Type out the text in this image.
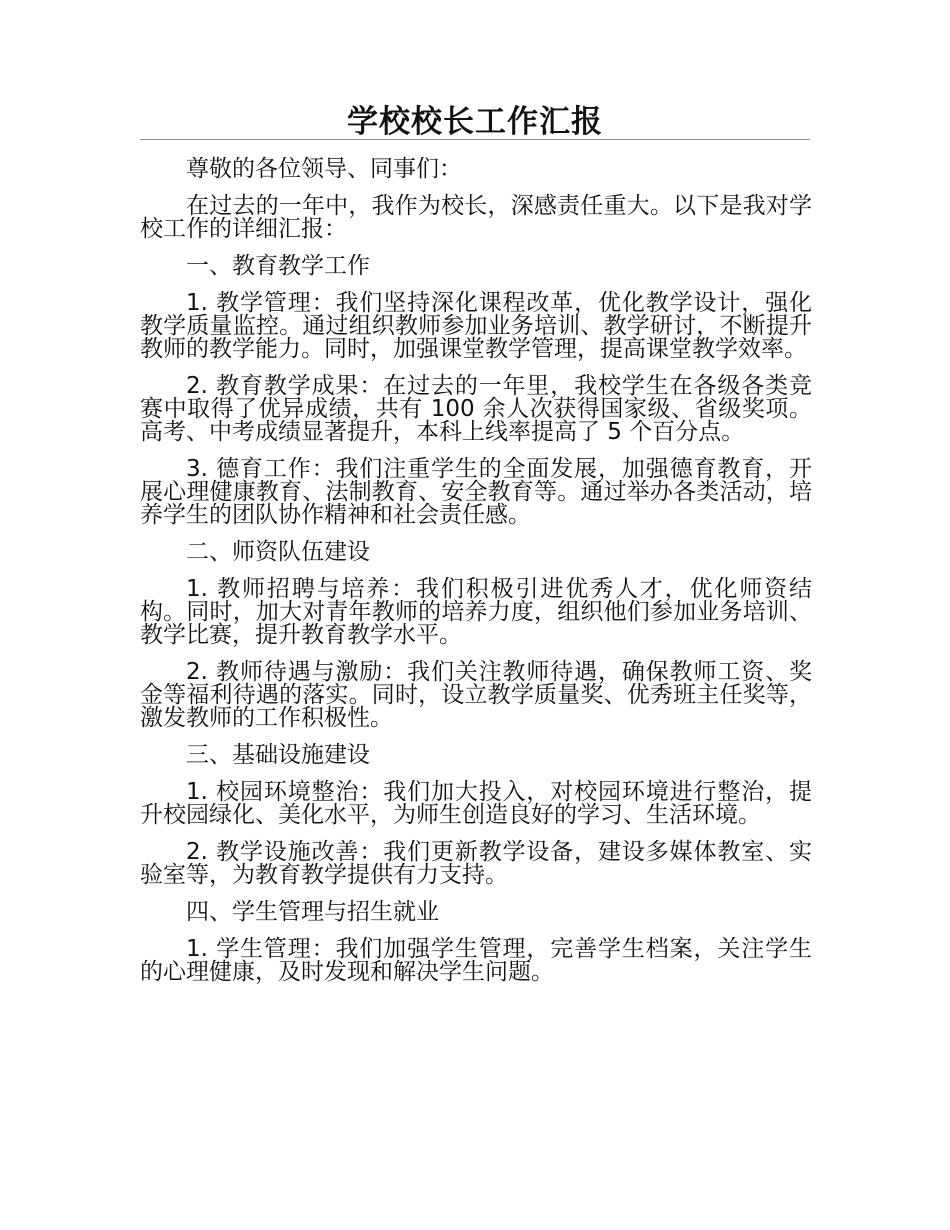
学校校长工作汇报

尊敬的各位领导、同事们：

在过去的一年中，我作为校长，深感责任重大。以下是我对学校工作的详细汇报：

一、教育教学工作

1. 教学管理：我们坚持深化课程改革，优化教学设计，强化教学质量监控。通过组织教师参加业务培训、教学研讨，不断提升教师的教学能力。同时，加强课堂教学管理，提高课堂教学效率。

2. 教育教学成果：在过去的一年里，我校学生在各级各类竞赛中取得了优异成绩，共有 100 余人次获得国家级、省级奖项。高考、中考成绩显著提升，本科上线率提高了 5 个百分点。

3. 德育工作：我们注重学生的全面发展，加强德育教育，开展心理健康教育、法制教育、安全教育等。通过举办各类活动，培养学生的团队协作精神和社会责任感。

二、师资队伍建设

1. 教师招聘与培养：我们积极引进优秀人才，优化师资结构。同时，加大对青年教师的培养力度，组织他们参加业务培训、教学比赛，提升教育教学水平。

2. 教师待遇与激励：我们关注教师待遇，确保教师工资、奖金等福利待遇的落实。同时，设立教学质量奖、优秀班主任奖等，激发教师的工作积极性。

三、基础设施建设

1. 校园环境整治：我们加大投入，对校园环境进行整治，提升校园绿化、美化水平，为师生创造良好的学习、生活环境。

2. 教学设施改善：我们更新教学设备，建设多媒体教室、实验室等，为教育教学提供有力支持。

四、学生管理与招生就业

1. 学生管理：我们加强学生管理，完善学生档案，关注学生的心理健康，及时发现和解决学生问题。
